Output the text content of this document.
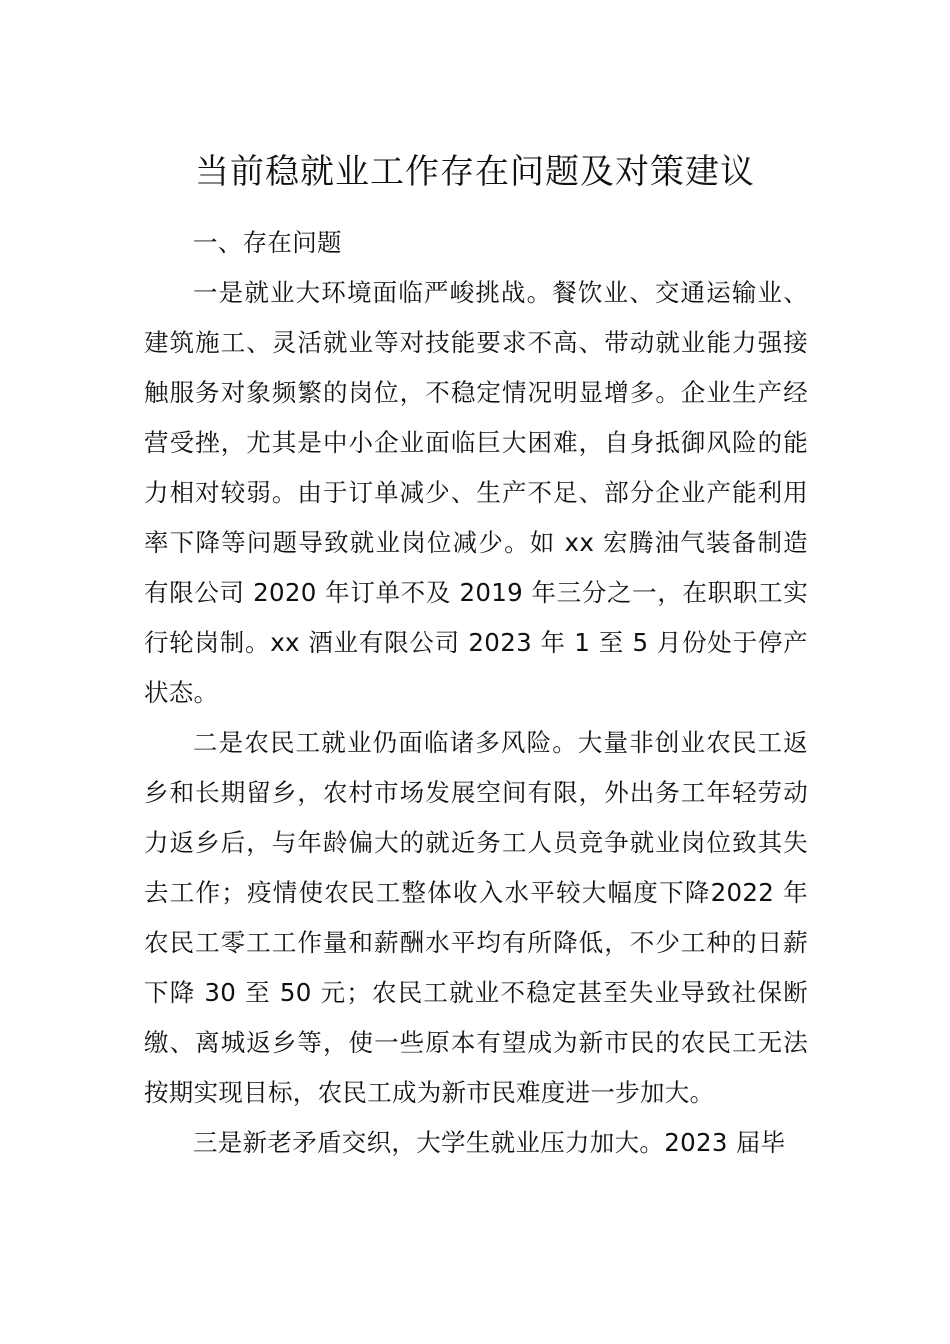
当前稳就业工作存在问题及对策建议

一、存在问题

一是就业大环境面临严峻挑战。餐饮业、交通运输业、建筑施工、灵活就业等对技能要求不高、带动就业能力强接触服务对象频繁的岗位，不稳定情况明显增多。企业生产经营受挫，尤其是中小企业面临巨大困难，自身抵御风险的能力相对较弱。由于订单减少、生产不足、部分企业产能利用率下降等问题导致就业岗位减少。如 xx 宏腾油气装备制造有限公司 2020 年订单不及 2019 年三分之一，在职职工实行轮岗制。xx 酒业有限公司 2023 年 1 至 5 月份处于停产状态。

二是农民工就业仍面临诸多风险。大量非创业农民工返乡和长期留乡，农村市场发展空间有限，外出务工年轻劳动力返乡后，与年龄偏大的就近务工人员竞争就业岗位致其失去工作；疫情使农民工整体收入水平较大幅度下降2022 年农民工零工工作量和薪酬水平均有所降低，不少工种的日薪下降 30 至 50 元；农民工就业不稳定甚至失业导致社保断缴、离城返乡等，使一些原本有望成为新市民的农民工无法按期实现目标，农民工成为新市民难度进一步加大。

三是新老矛盾交织，大学生就业压力加大。2023 届毕
